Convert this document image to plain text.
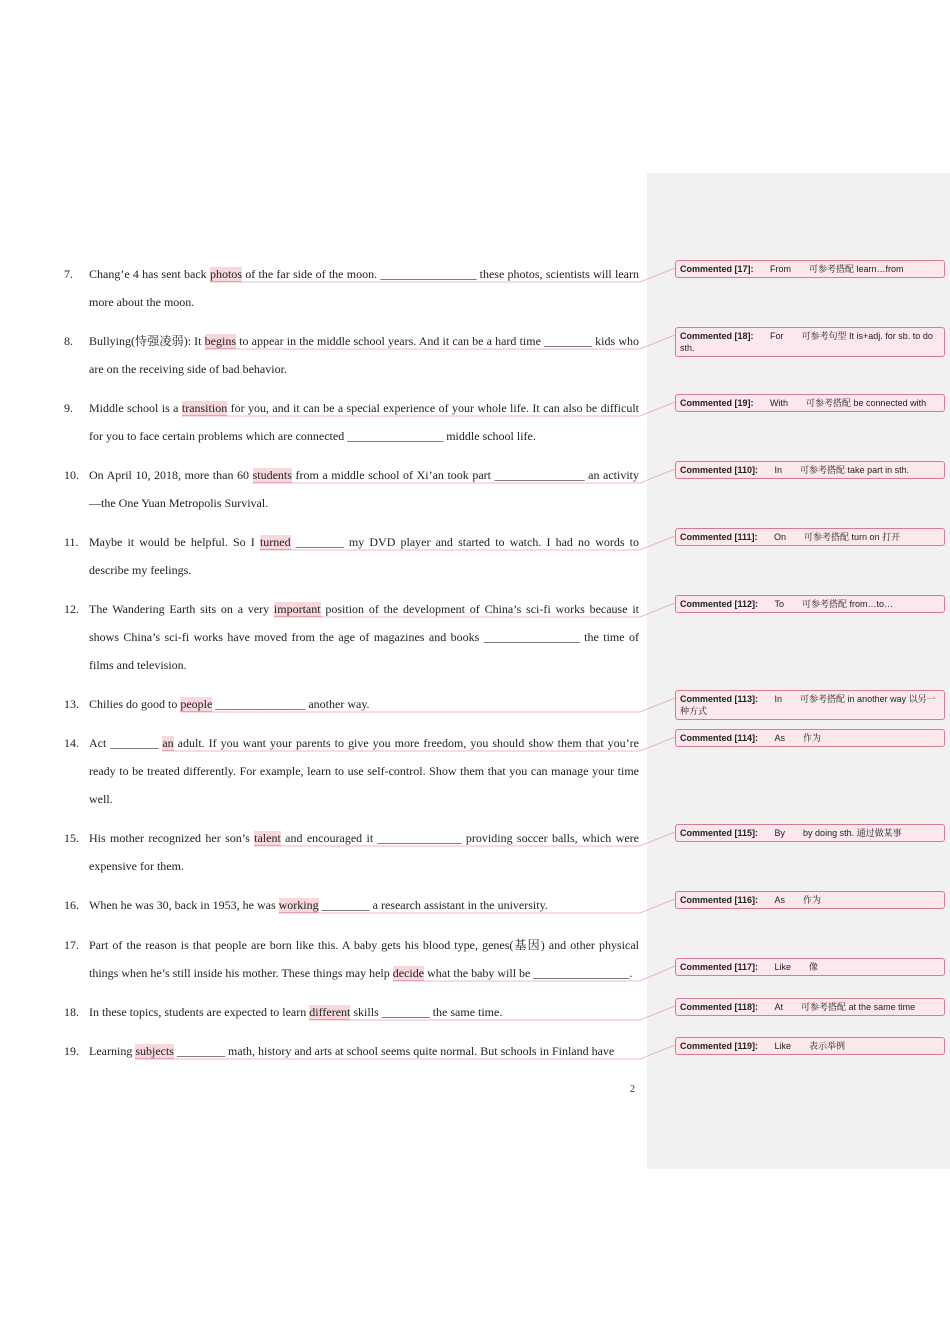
7. Chang’e 4 has sent back photos of the far side of the moon. ________________ these photos, scientists will learn more about the moon.
8. Bullying(恃强凌弱): It begins to appear in the middle school years. And it can be a hard time ________ kids who are on the receiving side of bad behavior.
9. Middle school is a transition for you, and it can be a special experience of your whole life. It can also be difficult for you to face certain problems which are connected ________________ middle school life.
10. On April 10, 2018, more than 60 students from a middle school of Xi’an took part _______________ an activity—the One Yuan Metropolis Survival.
11. Maybe it would be helpful. So I turned ________ my DVD player and started to watch. I had no words to describe my feelings.
12. The Wandering Earth sits on a very important position of the development of China’s sci-fi works because it shows China’s sci-fi works have moved from the age of magazines and books ________________ the time of films and television.
13. Chilies do good to people _______________ another way.
14. Act ________ an adult. If you want your parents to give you more freedom, you should show them that you’re ready to be treated differently. For example, learn to use self-control. Show them that you can manage your time well.
15. His mother recognized her son’s talent and encouraged it ______________ providing soccer balls, which were expensive for them.
16. When he was 30, back in 1953, he was working ________ a research assistant in the university.
17. Part of the reason is that people are born like this. A baby gets his blood type, genes(基因) and other physical things when he’s still inside his mother. These things may help decide what the baby will be ________________.
18. In these topics, students are expected to learn different skills ________ the same time.
19. Learning subjects ________ math, history and arts at school seems quite normal. But schools in Finland have
Commented [17]: From　　可参考搭配 learn…from
Commented [18]: For　　可参考句型 It is+adj. for sb. to do sth.
Commented [19]: With　　可参考搭配 be connected with
Commented [110]: In　　可参考搭配 take part in sth.
Commented [111]: On　　可参考搭配 turn on 打开
Commented [112]: To　　可参考搭配 from…to…
Commented [113]: In　　可参考搭配 in another way 以另一种方式
Commented [114]: As　　作为
Commented [115]: By　　by doing sth. 通过做某事
Commented [116]: As　　作为
Commented [117]: Like　　像
Commented [118]: At　　可参考搭配 at the same time
Commented [119]: Like　　表示举例
2
